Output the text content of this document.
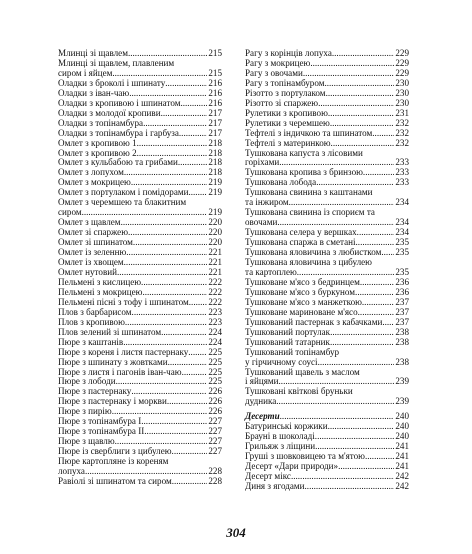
Млинці зі щавлем .....	215
Млинці зі щавлем, плавленим
сиром і яйцем .....	215
Оладки з броколі і шпинату .....	216
Оладки з іван-чаю .....	216
Оладки з кропивою і шпинатом .....	216
Оладки з молодої кропиви .....	217
Оладки з топінамбура .....	217
Оладки з топінамбура і гарбуза .....	217
Омлет з кропивою 1 .....	218
Омлет з кропивою 2 .....	218
Омлет з кульбабою та грибами .....	218
Омлет з лопухом .....	218
Омлет з мокрицею .....	219
Омлет з портулаком і помідорами ..... 219
Омлет з черемшею та блакитним
сиром .....	219
Омлет з щавлем .....	220
Омлет зі спаржею .....	220
Омлет зі шпинатом .....	220
Омлет із зеленню .....	221
Омлет із хвощем .....	221
Омлет нутовий .....	221
Пельмені з кислицею .....	222
Пельмені з мокрицею .....	222
Пельмені пісні з тофу і шпинатом ..... 222
Плов з барбарисом .....	223
Плов з кропивою .....	223
Плов зелений зі шпинатом .....	224
Пюре з каштанів .....	224
Пюре з кореня і листя пастернаку ..... 225
Пюре з шпинату з жовтками .....	225
Пюре з листя і пагонів іван-чаю .....	225
Пюре з лободи .....	225
Пюре з пастернаку .....	226
Пюре з пастернаку і моркви .....	226
Пюре з пирію .....	226
Пюре з топінамбура I .....	227
Пюре з топінамбура II .....	227
Пюре з щавлю .....	227
Пюре із сверблиги з цибулею .....	227
Пюре картопляне із кореням
лопуха .....	228
Равіолі зі шпинатом та сиром .....	228
Рагу з корінців лопуха .....	229
Рагу з мокрицею .....	229
Рагу з овочами .....	229
Рагу з топінамбуром .....	230
Різотто з портулаком .....	230
Різотто зі спаржею .....	230
Рулетики з кропивою .....	231
Рулетики з черемшею .....	232
Тефтелі з індичкою та шпинатом .....	232
Тефтелі з материнкою .....	232
Тушкована капуста з лісовими
горіхами .....	233
Тушкована кропива з бринзою .....	233
Тушкована лобода .....	233
Тушкована свинина з каштанами
та інжиром .....	234
Тушкована свинина із спориєм та
овочами .....	234
Тушкована селера у вершках .....	234
Тушкована спаржа в сметані .....	235
Тушкована яловичина з любистком ..... 235
Тушкована яловичина з цибулею
та картоплею .....	235
Тушковане м'ясо з бедринцем .....	236
Тушковане м'ясо з буркуном .....	236
Тушковане м'ясо з манжеткою .....	237
Тушковане мариноване м'ясо .....	237
Тушкований пастернак з кабачками ..... 237
Тушкований портулак .....	238
Тушкований татарник .....	238
Тушкований топінамбур
у гірчичному соусі .....	238
Тушкований щавель з маслом
і яйцями .....	239
Тушковані квіткові бруньки
дудника .....	239
Десерти .....	240
Батуринські коржики .....	240
Брауні в шоколаді .....	240
Грильяж з ліщини .....	241
Груші з шовковицею та м'ятою .....	241
Десерт «Дари природи» .....	241
Десерт мікс .....	242
Диня з ягодами .....	242
304
